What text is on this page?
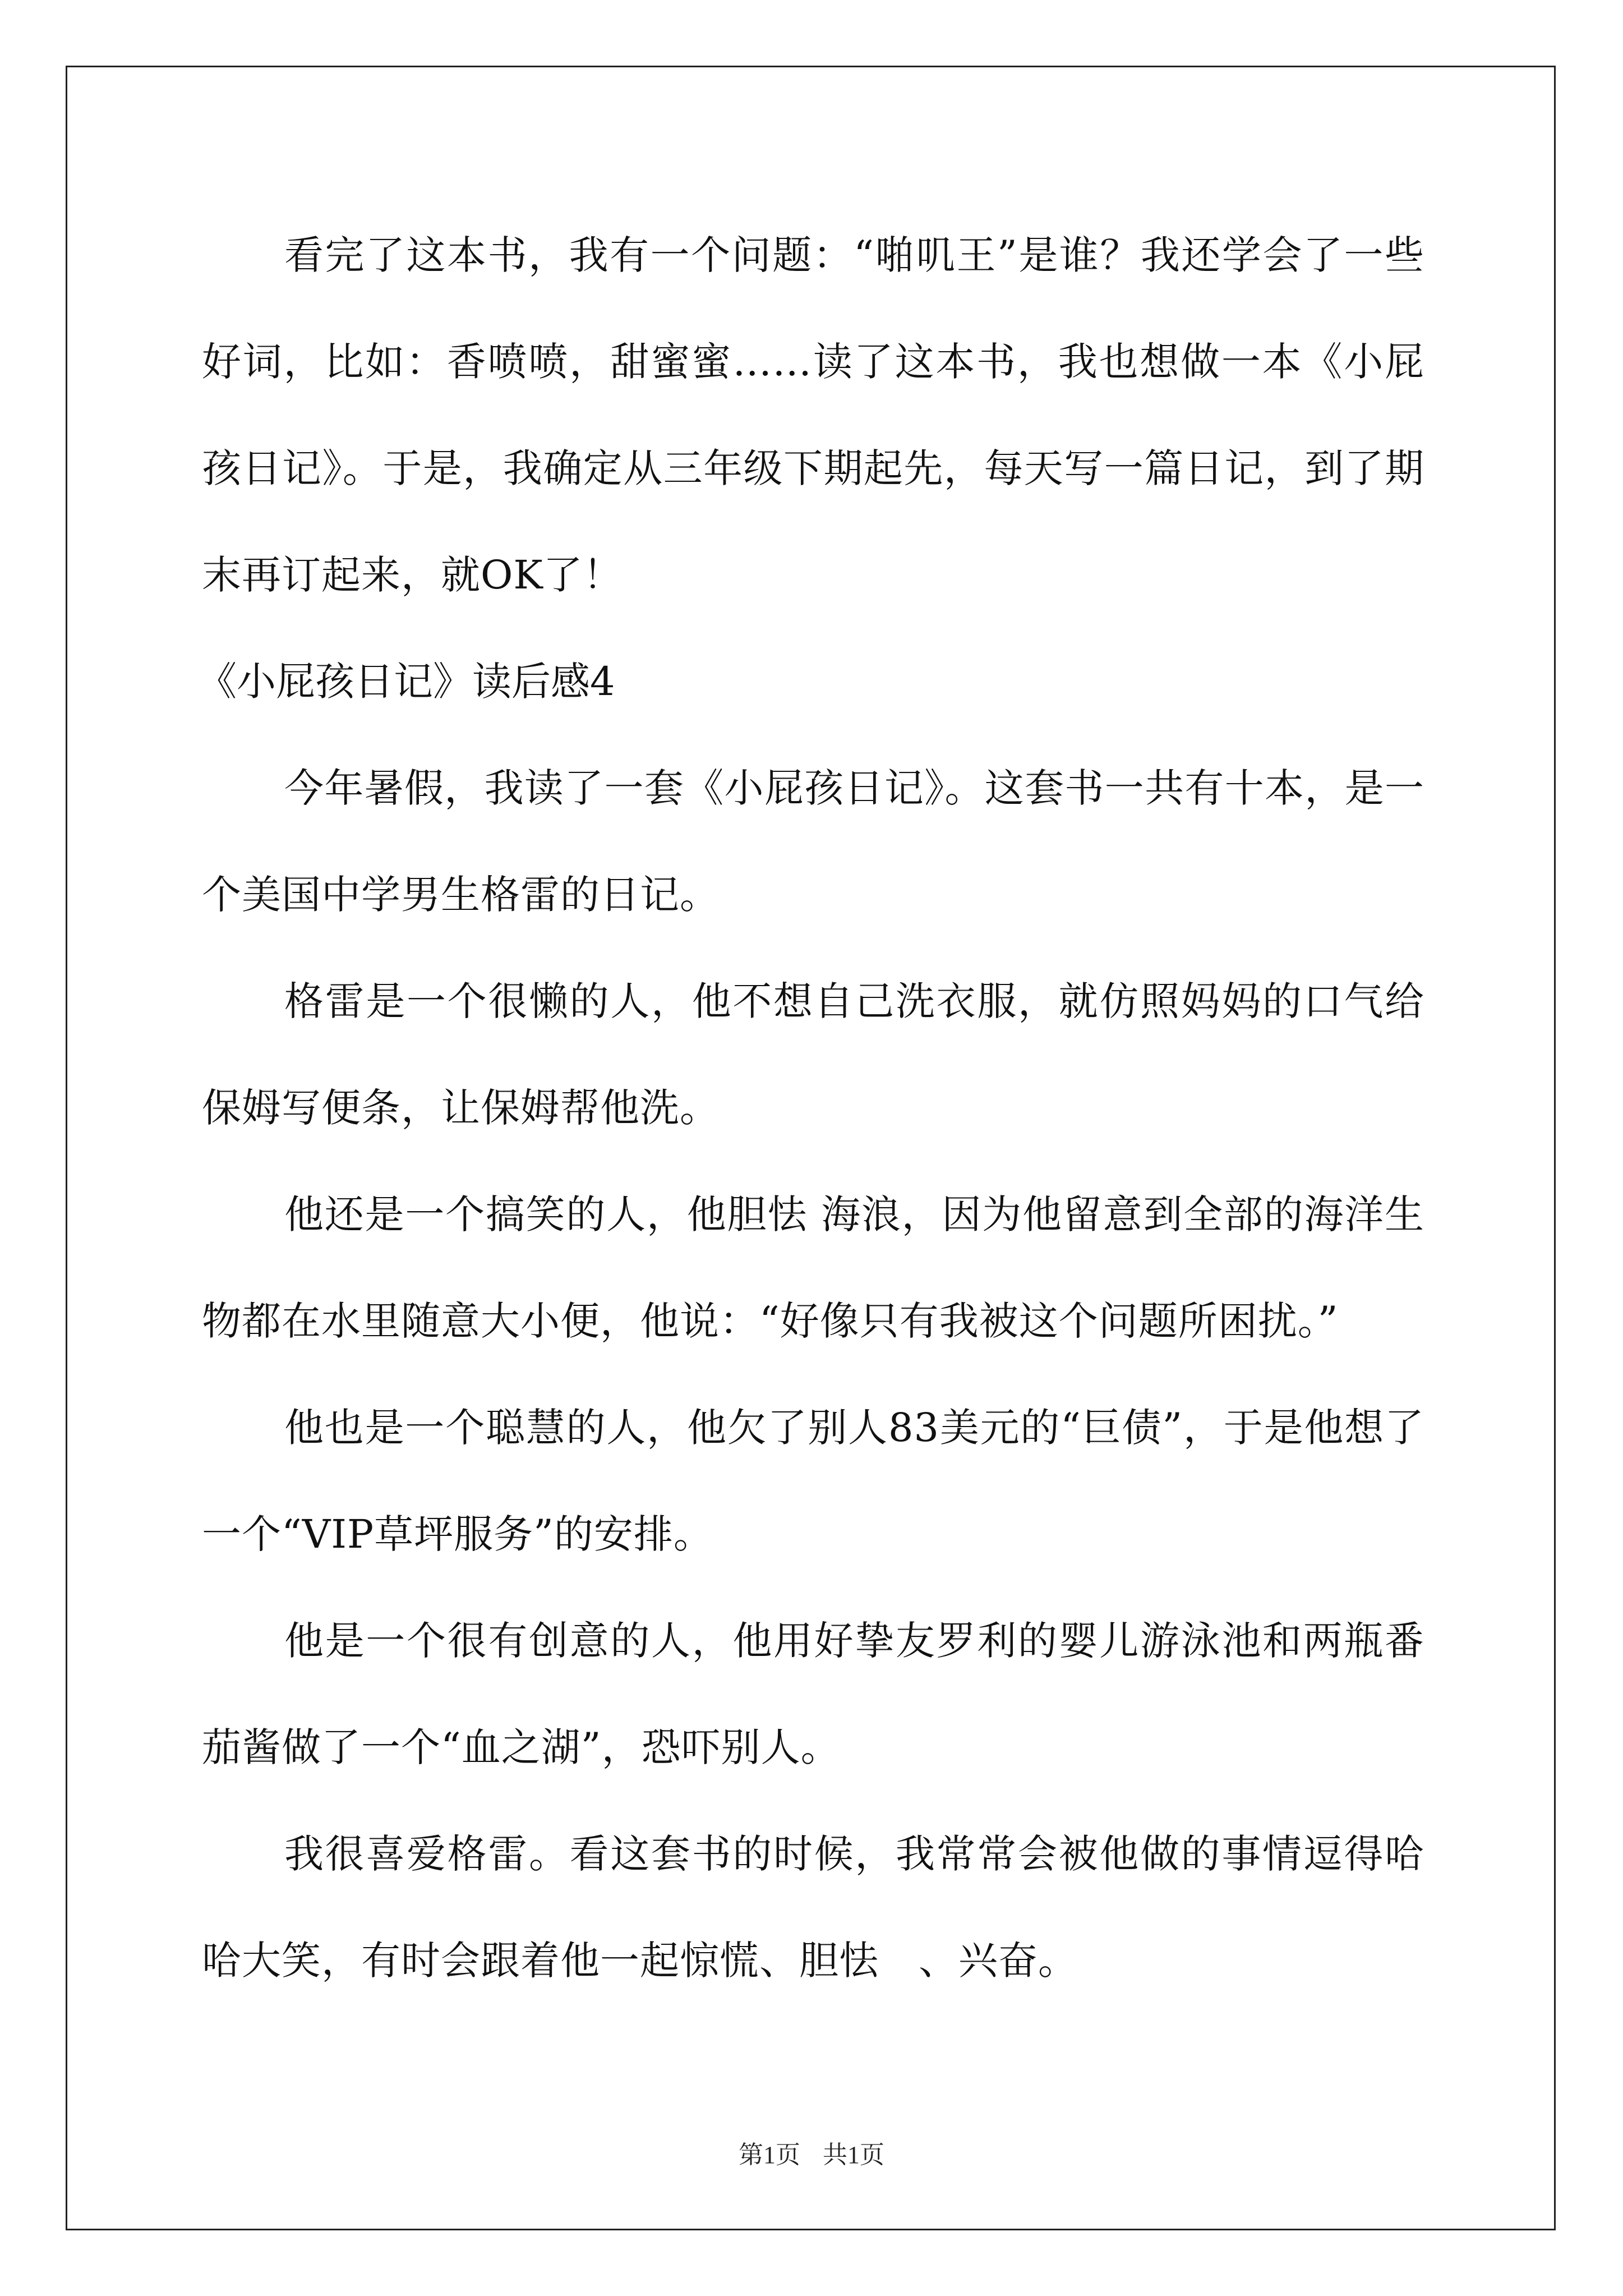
看完了这本书，我有一个问题：“啪叽王”是谁？我还学会了一些好词，比如：香喷喷，甜蜜蜜……读了这本书，我也想做一本《小屁孩日记》。于是，我确定从三年级下期起先，每天写一篇日记，到了期末再订起来，就OK了！

《小屁孩日记》读后感4

今年暑假，我读了一套《小屁孩日记》。这套书一共有十本，是一个美国中学男生格雷的日记。

格雷是一个很懒的人，他不想自己洗衣服，就仿照妈妈的口气给保姆写便条，让保姆帮他洗。

他还是一个搞笑的人，他胆怯 海浪，因为他留意到全部的海洋生物都在水里随意大小便，他说：“好像只有我被这个问题所困扰。”

他也是一个聪慧的人，他欠了别人83美元的“巨债”，于是他想了一个“VIP草坪服务”的安排。

他是一个很有创意的人，他用好挚友罗利的婴儿游泳池和两瓶番茄酱做了一个“血之湖”，恐吓别人。

我很喜爱格雷。看这套书的时候，我常常会被他做的事情逗得哈哈大笑，有时会跟着他一起惊慌、胆怯　、兴奋。

第1页 共1页
